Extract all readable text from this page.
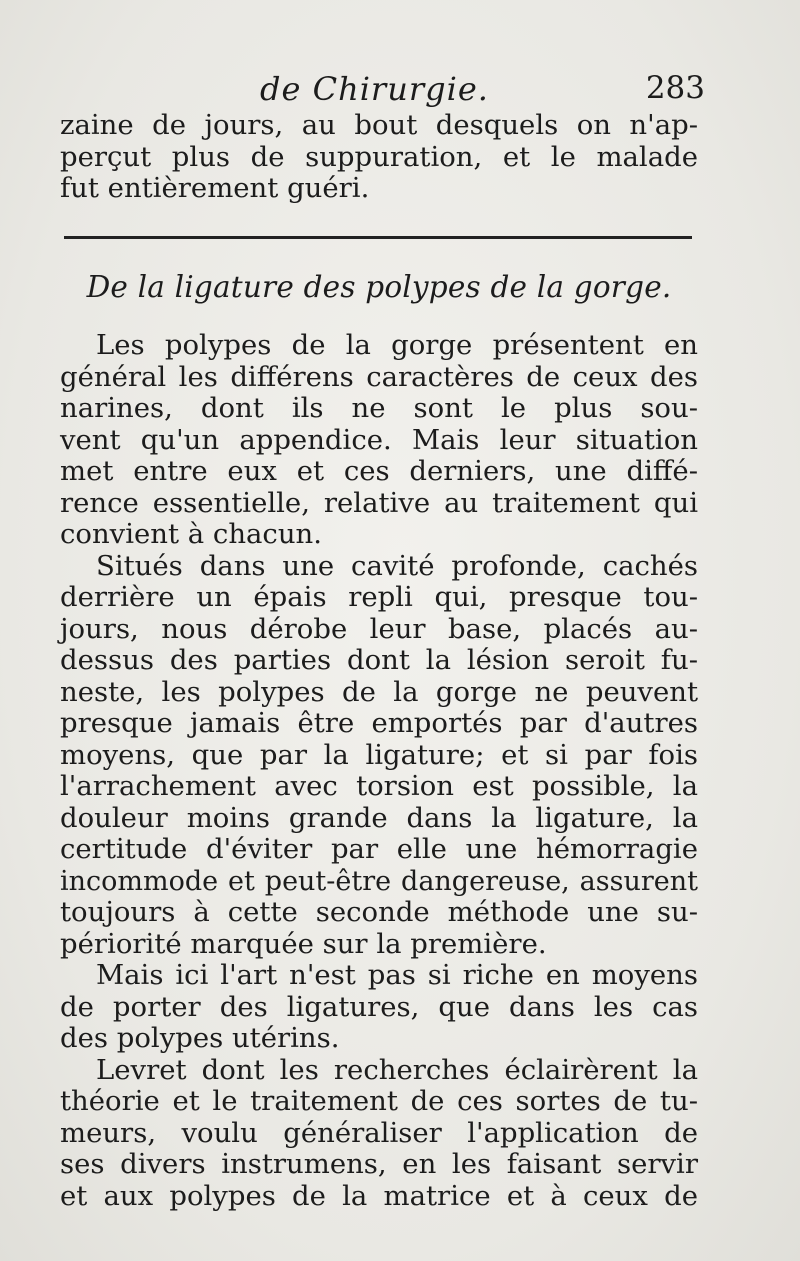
de Chirurgie.	283
zaine de jours, au bout desquels on n'ap-
perçut plus de suppuration, et le malade
fut entièrement guéri.
De la ligature des polypes de la gorge.
Les polypes de la gorge présentent en
général les différens caractères de ceux des
narines, dont ils ne sont le plus sou-
vent qu'un appendice. Mais leur situation
met entre eux et ces derniers, une diffé-
rence essentielle, relative au traitement qui
convient à chacun.
Situés dans une cavité profonde, cachés
derrière un épais repli qui, presque tou-
jours, nous dérobe leur base, placés au-
dessus des parties dont la lésion seroit fu-
neste, les polypes de la gorge ne peuvent
presque jamais être emportés par d'autres
moyens, que par la ligature; et si par fois
l'arrachement avec torsion est possible, la
douleur moins grande dans la ligature, la
certitude d'éviter par elle une hémorragie
incommode et peut-être dangereuse, assurent
toujours à cette seconde méthode une su-
périorité marquée sur la première.
Mais ici l'art n'est pas si riche en moyens
de porter des ligatures, que dans les cas
des polypes utérins.
Levret dont les recherches éclairèrent la
théorie et le traitement de ces sortes de tu-
meurs, voulu généraliser l'application de
ses divers instrumens, en les faisant servir
et aux polypes de la matrice et à ceux de
